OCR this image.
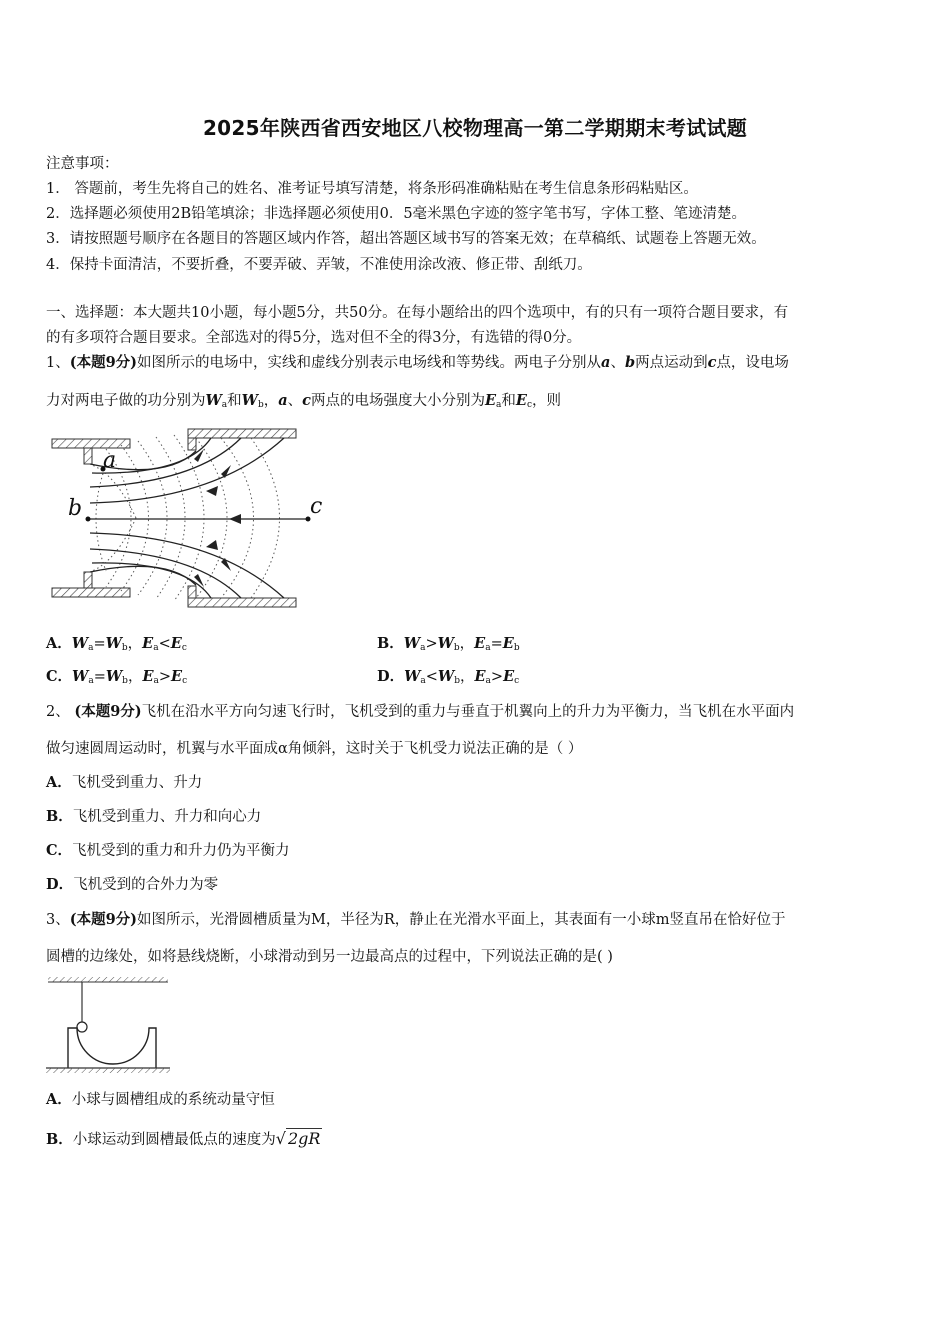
2025年陕西省西安地区八校物理高一第二学期期末考试试题
注意事项：
1． 答题前，考生先将自己的姓名、准考证号填写清楚，将条形码准确粘贴在考生信息条形码粘贴区。
2．选择题必须使用2B铅笔填涂；非选择题必须使用0．5毫米黑色字迹的签字笔书写，字体工整、笔迹清楚。
3．请按照题号顺序在各题目的答题区域内作答，超出答题区域书写的答案无效；在草稿纸、试题卷上答题无效。
4．保持卡面清洁，不要折叠，不要弄破、弄皱，不准使用涂改液、修正带、刮纸刀。
一、选择题：本大题共10小题，每小题5分，共50分。在每小题给出的四个选项中，有的只有一项符合题目要求，有
的有多项符合题目要求。全部选对的得5分，选对但不全的得3分，有选错的得0分。
1、(本题9分)如图所示的电场中，实线和虚线分别表示电场线和等势线。两电子分别从a、b两点运动到c点，设电场
力对两电子做的功分别为$W_a$和$W_b$，a、c两点的电场强度大小分别为$E_a$和$E_c$，则
a
b	c
A．$W_a=W_b$，$E_a<E_c$	B．$W_a>W_b$，$E_a=E_b$
C．$W_a=W_b$，$E_a>E_c$	D．$W_a<W_b$，$E_a>E_c$
2、 (本题9分)飞机在沿水平方向匀速飞行时，飞机受到的重力与垂直于机翼向上的升力为平衡力，当飞机在水平面内
做匀速圆周运动时，机翼与水平面成α角倾斜，这时关于飞机受力说法正确的是（ ）
A．飞机受到重力、升力
B．飞机受到重力、升力和向心力
C．飞机受到的重力和升力仍为平衡力
D．飞机受到的合外力为零
3、(本题9分)如图所示，光滑圆槽质量为M，半径为R，静止在光滑水平面上，其表面有一小球m竖直吊在恰好位于
圆槽的边缘处，如将悬线烧断，小球滑动到另一边最高点的过程中，下列说法正确的是( )
A．小球与圆槽组成的系统动量守恒
B．小球运动到圆槽最低点的速度为√ 2gR
